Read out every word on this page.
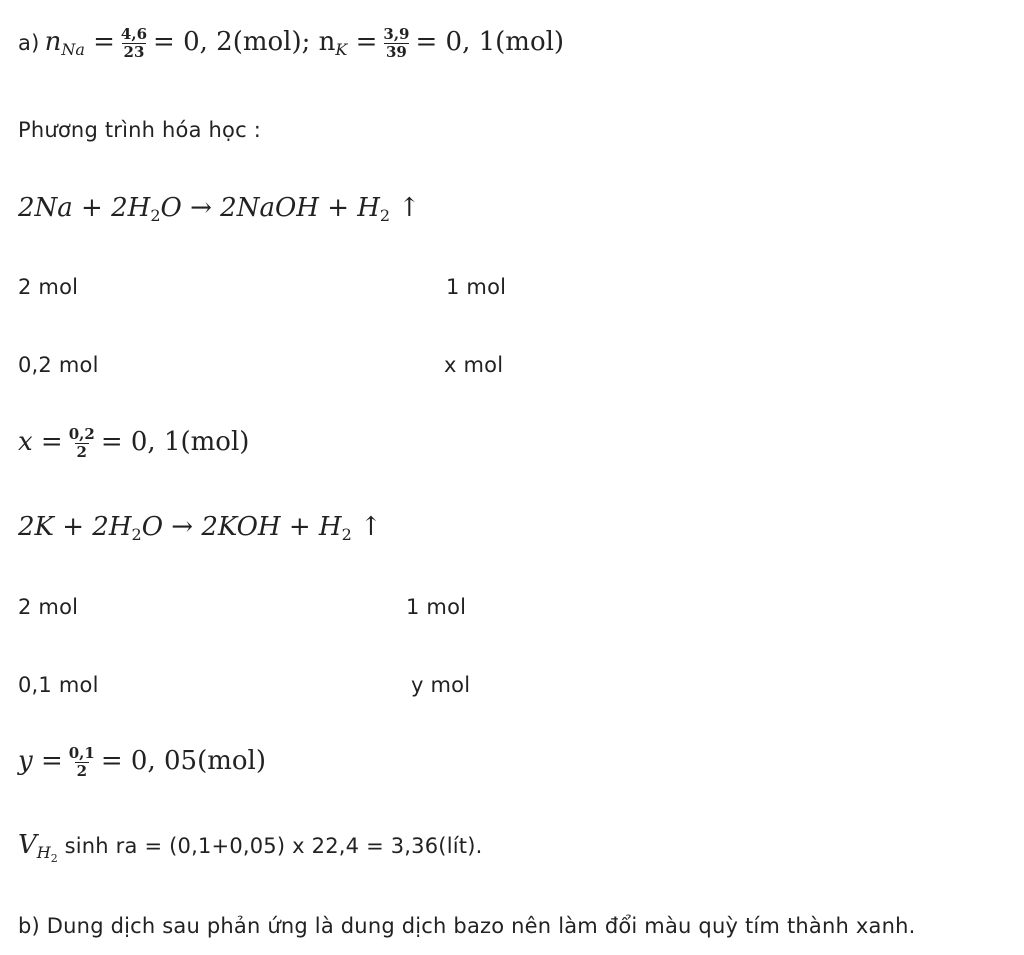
a) $n_{Na} = \frac{4,6}{23} = 0$, 2(mol); $n_K = \frac{3,9}{39} = 0$, 1(mol)
Phương trình hóa học :
$2Na + 2H_2O$ → 2NaOH + $H_2$ ↑
2 mol	1 mol
0,2 mol	x mol
$x = \frac{0,2}{2} = 0$, 1(mol)
$2K + 2H_2O \to 2KOH + H_2$ ↑
2 mol	1 mol
0,1 mol	y mol
$y = \frac{0,1}{2} = 0$, 05(mol)
$V_{H_2}$ sinh ra = (0,1+0,05) x 22,4 = 3,36(lít).
b) Dung dịch sau phản ứng là dung dịch bazo nên làm đổi màu quỳ tím thành xanh.
